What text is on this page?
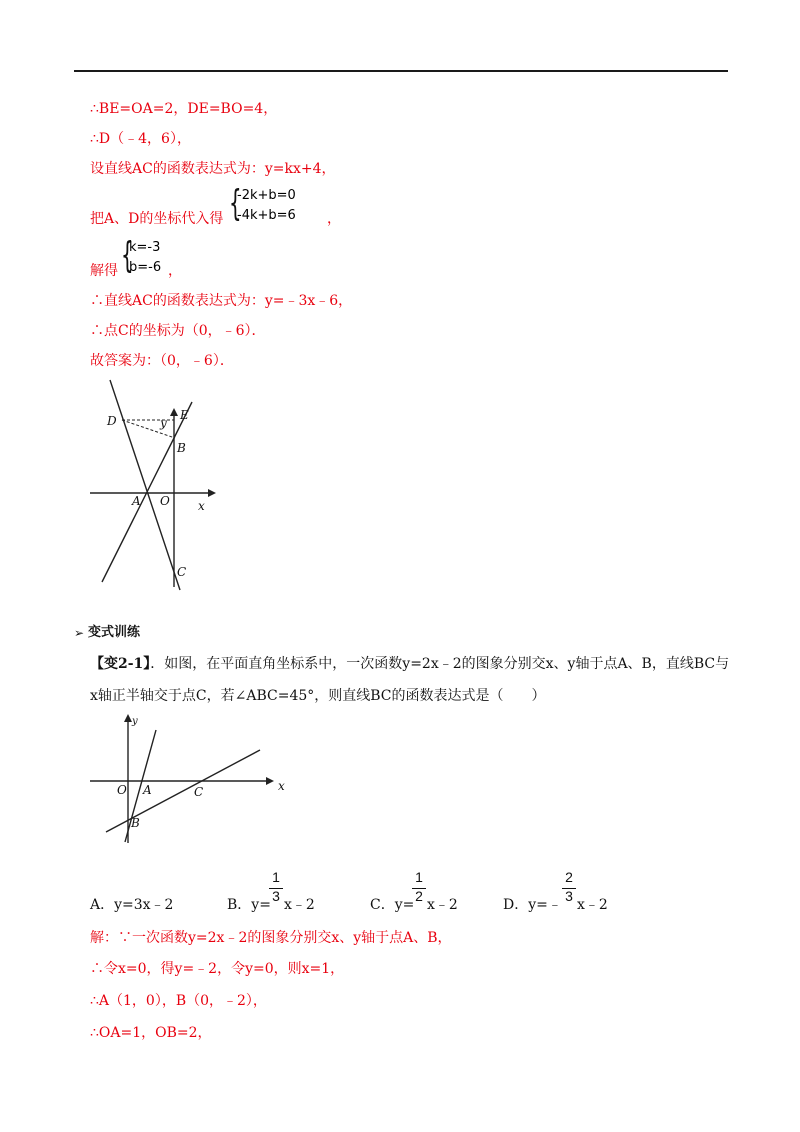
∴BE=OA=2，DE=BO=4，
∴D（﹣4，6），
设直线AC的函数表达式为：y=kx+4，
把A、D的坐标代入得 {
-2k+b=0
-4k+b=6 ，
解得 {
k=-3
b=-6 ，
∴直线AC的函数表达式为：y=﹣3x﹣6，
∴点C的坐标为（0，﹣6）．
故答案为：（0，﹣6）．
D	y
E
B
A O x
C
➢ 变式训练
【变2-1】．如图，在平面直角坐标系中，一次函数y=2x﹣2的图象分别交x、y轴于点A、B，直线BC与
x轴正半轴交于点C，若∠ABC=45°，则直线BC的函数表达式是（　　）
y
O A	C	x
B
A．y=3x﹣2	B．y=
$\frac{1}{3}$
x﹣2	C．y=
$\frac{1}{2}$
x﹣2	D．y=﹣
$\frac{2}{3}$
x﹣2
解：∵一次函数y=2x﹣2的图象分别交x、y轴于点A、B，
∴令x=0，得y=﹣2，令y=0，则x=1，
∴A（1，0），B（0，﹣2），
∴OA=1，OB=2，
